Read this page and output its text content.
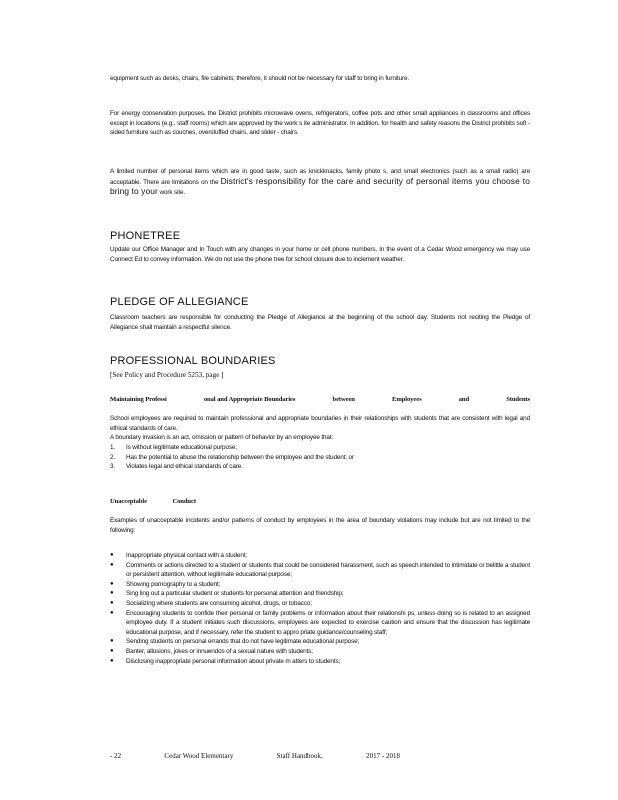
equipment such as desks, chairs, file cabinets; therefore, it should not be necessary for staff to bring in furniture.
For energy conservation purposes, the District prohibits microwave ovens, refrigerators, coffee pots and other small appliances in classrooms and offices except in locations (e.g., staff rooms) which are approved by the work s ite administrator. In addition, for health and safety reasons the District prohibits soft - sided furniture such as couches, overstuffed chairs, and slider - chairs.
A limited number of personal items which are in good taste, such as knickknacks, family photo s, and small electronics (such as a small radio) are acceptable. There are limitations on the District's responsibility for the care and security of personal items you choose to bring to your work site.
PHONETREE
Update our Office Manager and In Touch with any changes in your home or cell phone numbers. In the event of a Cedar Wood emergency we may use Connect Ed to convey information. We do not use the phone tree for school closure due to inclement weather.
PLEDGE OF ALLEGIANCE
Classroom teachers are responsible for conducting the Pledge of Allegiance at the beginning of the school day. Students not reciting the Pledge of Allegiance shall maintain a respectful silence.
PROFESSIONAL BOUNDARIES
[See Policy and Procedure 5253, page ]
Maintaining Professi	onal and Appropriate Boundaries	between	Employees	and	Students
School employees are required to maintain professional and appropriate boundaries in their relationships with students that are consistent with legal and ethical standards of care.
A boundary invasion is an act, omission or pattern of behavior by an employee that:
1.	Is without legitimate educational purpose;
2.	Has the potential to abuse the relationship between the employee and the student; or
3.	Violates legal and ethical standards of care.
Unacceptable Conduct
Examples of unacceptable incidents and/or patterns of conduct by employees in the area of boundary violations may include but are not limited to the following:
●	Inappropriate physical contact with a student;
●	Comments or actions directed to a student or students that could be considered harassment, such as speech intended to intimidate or belittle a student or persistent attention, without legitimate educational purpose;
●	Showing pornography to a student;
●	Sing ling out a particular student or students for personal attention and friendship;
●	Socializing where students are consuming alcohol, drugs, or tobacco;
●	Encouraging students to confide their personal or family problems or information about their relationshi ps, unless doing so is related to an assigned employee duty. If a student initiates such discussions, employees are expected to exercise caution and ensure that the discussion has legitimate educational purpose, and if necessary, refer the student to appro priate guidance/counseling staff;
●	Sending students on personal errands that do not have legitimate educational purpose;
●	Banter, allusions, jokes or innuendos of a sexual nature with students;
●	Disclosing inappropriate personal information about private m atters to students;
- 22	Cedar Wood Elementary	Staff Handbook,	2017 - 2018
